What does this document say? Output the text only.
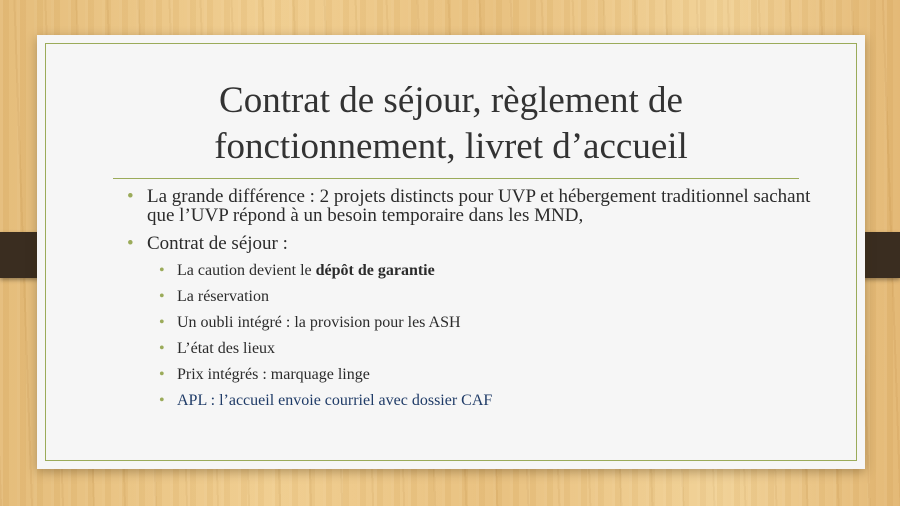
Contrat de séjour, règlement de
fonctionnement, livret d’accueil
• La grande différence : 2 projets distincts pour UVP et hébergement traditionnel sachant que l’UVP répond à un besoin temporaire dans les MND,
• Contrat de séjour :
• La caution devient le dépôt de garantie
• La réservation
• Un oubli intégré : la provision pour les ASH
• L’état des lieux
• Prix intégrés : marquage linge
• APL : l’accueil envoie courriel avec dossier CAF
